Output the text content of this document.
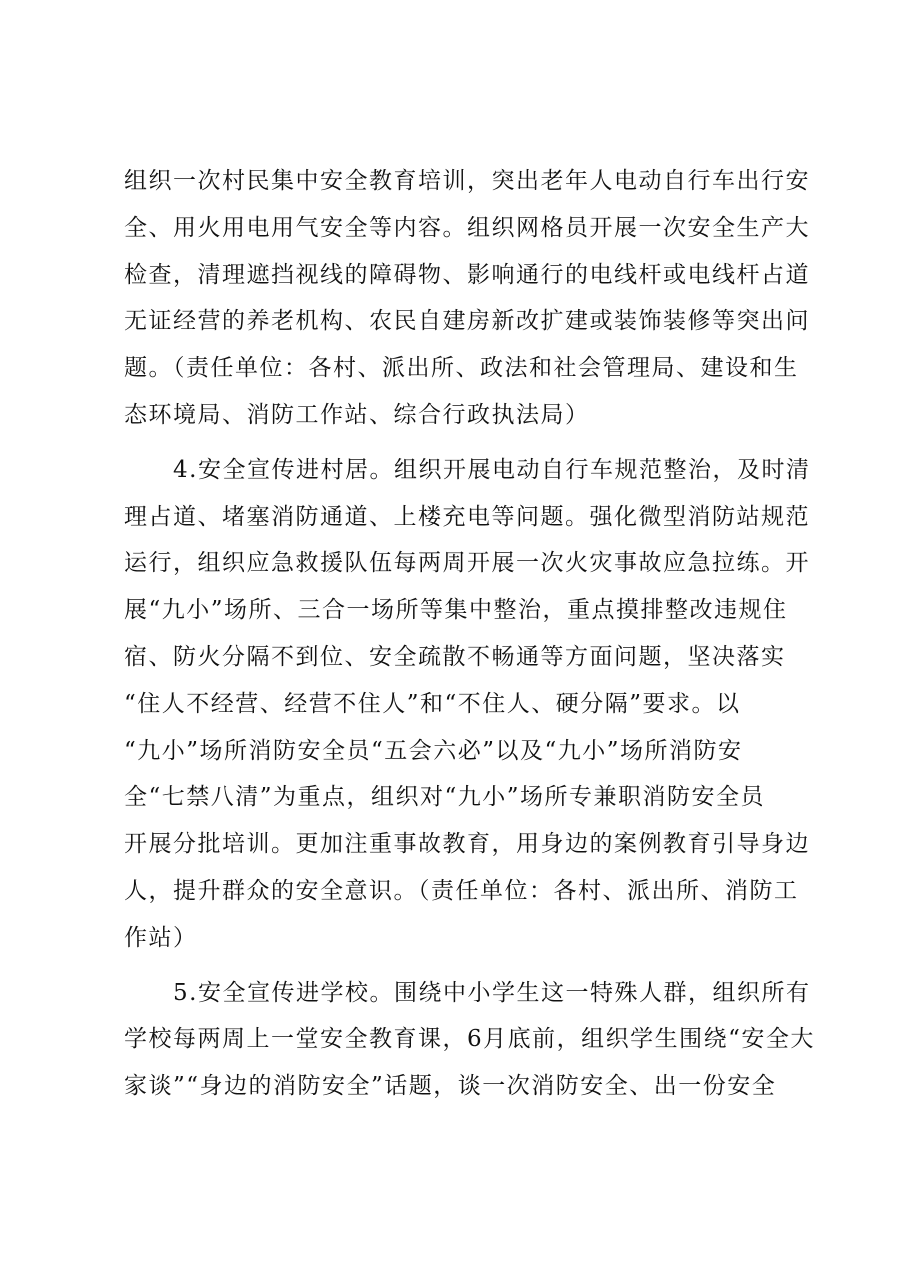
组织一次村民集中安全教育培训，突出老年人电动自行车出行安
全、用火用电用气安全等内容。组织网格员开展一次安全生产大
检查，清理遮挡视线的障碍物、影响通行的电线杆或电线杆占道
无证经营的养老机构、农民自建房新改扩建或装饰装修等突出问
题。（责任单位：各村、派出所、政法和社会管理局、建设和生
态环境局、消防工作站、综合行政执法局）
　　4.安全宣传进村居。组织开展电动自行车规范整治，及时清
理占道、堵塞消防通道、上楼充电等问题。强化微型消防站规范
运行，组织应急救援队伍每两周开展一次火灾事故应急拉练。开
展“九小”场所、三合一场所等集中整治，重点摸排整改违规住
宿、防火分隔不到位、安全疏散不畅通等方面问题，坚决落实
“住人不经营、经营不住人”和“不住人、硬分隔”要求。以
“九小”场所消防安全员“五会六必”以及“九小”场所消防安
全“七禁八清”为重点，组织对“九小”场所专兼职消防安全员
开展分批培训。更加注重事故教育，用身边的案例教育引导身边
人，提升群众的安全意识。（责任单位：各村、派出所、消防工
作站）
　　5.安全宣传进学校。围绕中小学生这一特殊人群，组织所有
学校每两周上一堂安全教育课，6月底前，组织学生围绕“安全大
家谈”“身边的消防安全”话题，谈一次消防安全、出一份安全
